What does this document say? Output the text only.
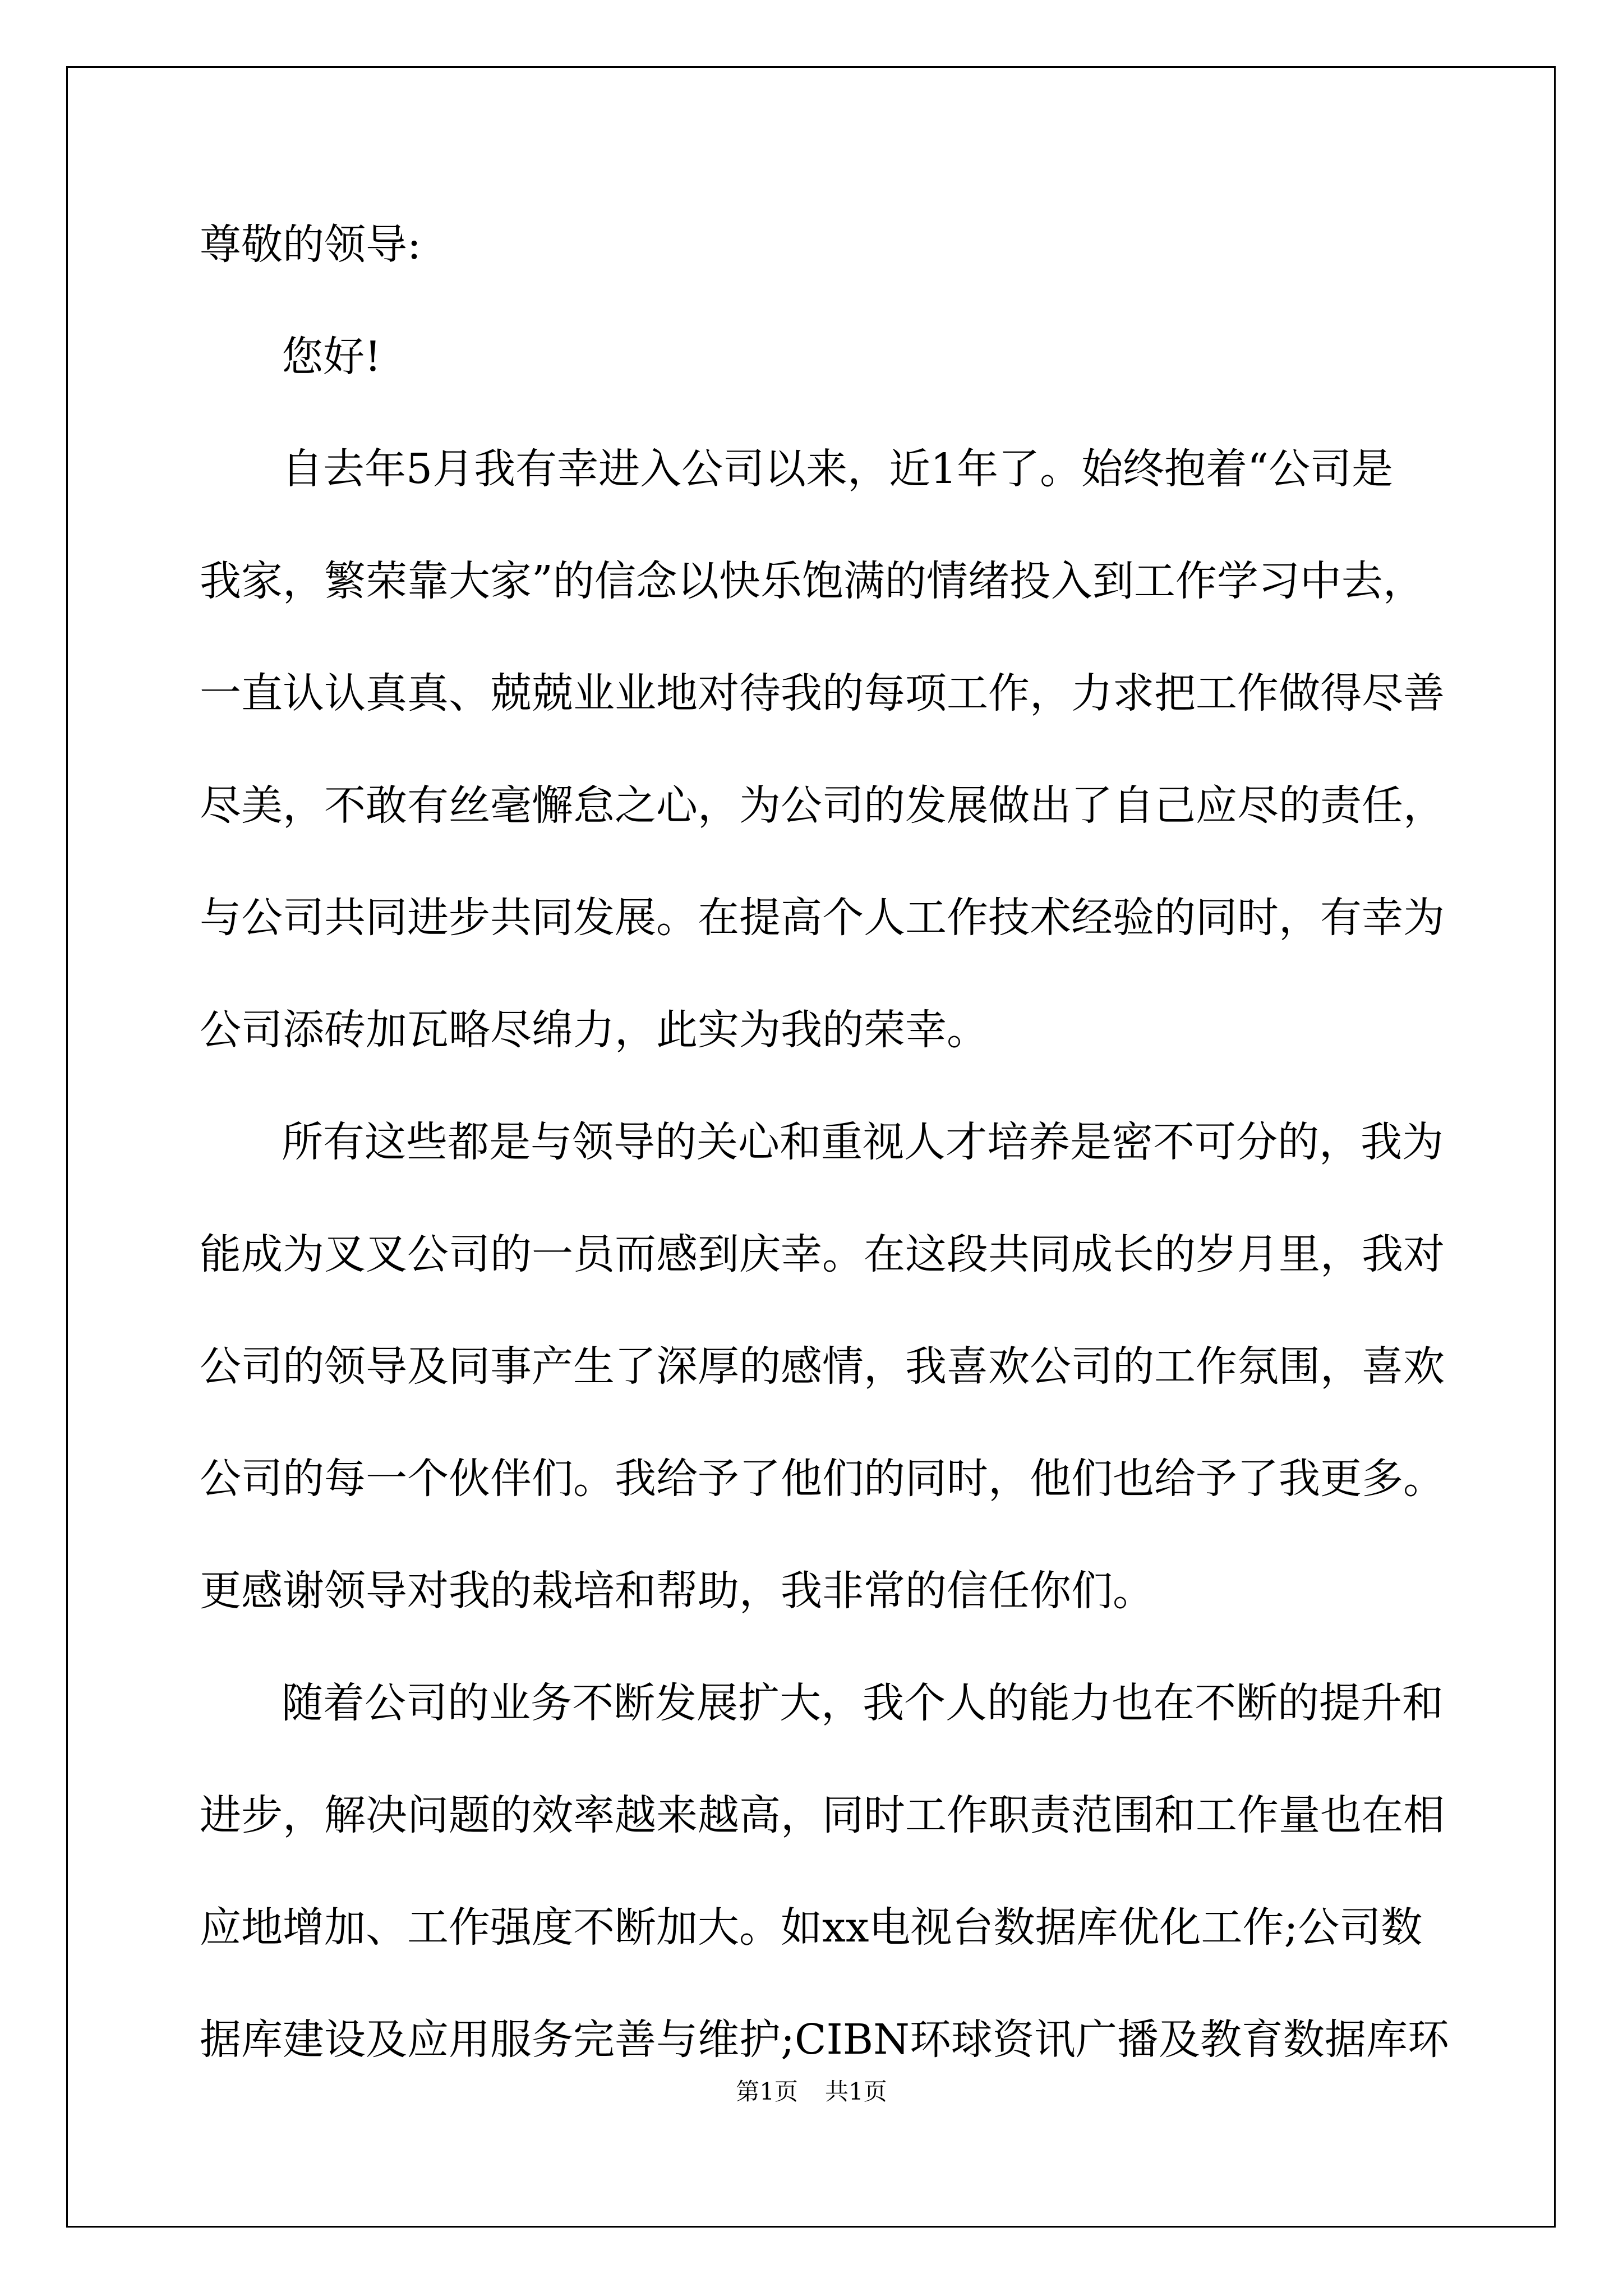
尊敬的领导:
您好!
自去年5月我有幸进入公司以来，近1年了。始终抱着“公司是
我家，繁荣靠大家”的信念以快乐饱满的情绪投入到工作学习中去，
一直认认真真、兢兢业业地对待我的每项工作，力求把工作做得尽善
尽美，不敢有丝毫懈怠之心，为公司的发展做出了自己应尽的责任，
与公司共同进步共同发展。在提高个人工作技术经验的同时，有幸为
公司添砖加瓦略尽绵力，此实为我的荣幸。
所有这些都是与领导的关心和重视人才培养是密不可分的，我为
能成为叉叉公司的一员而感到庆幸。在这段共同成长的岁月里，我对
公司的领导及同事产生了深厚的感情，我喜欢公司的工作氛围，喜欢
公司的每一个伙伴们。我给予了他们的同时，他们也给予了我更多。
更感谢领导对我的栽培和帮助，我非常的信任你们。
随着公司的业务不断发展扩大，我个人的能力也在不断的提升和
进步，解决问题的效率越来越高，同时工作职责范围和工作量也在相
应地增加、工作强度不断加大。如xx电视台数据库优化工作;公司数
据库建设及应用服务完善与维护;CIBN环球资讯广播及教育数据库环
第1页 共1页
